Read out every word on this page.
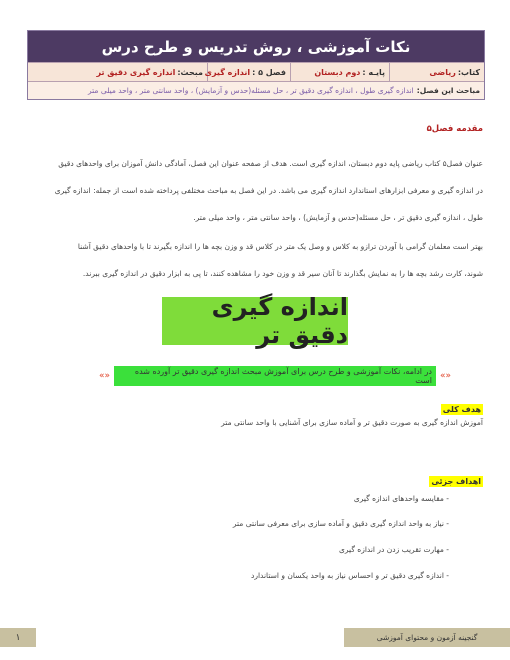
نکات آموزشی ، روش تدریس و طرح درس
کتاب:
ریاضی
پایـه :
دوم دبستان
فصل ۵ :
اندازه گیری
مبحث:
اندازه گیری دقیق تر
مباحث این فصل:
اندازه گیری طول ، اندازه گیری دقیق تر ، حل مسئله(حدس و آزمایش) ، واحد سانتی متر ، واحد میلی متر
مقدمه فصل۵
عنوان فصل۵ کتاب ریاضی پایه دوم دبستان، اندازه گیری است. هدف از صفحه عنوان این فصل، آمادگی دانش آموزان برای واحدهای دقیق
در اندازه گیری و معرفی ابزارهای استاندارد اندازه گیری می باشد. در این فصل به مباحث مختلفی پرداخته شده است از جمله: اندازه گیری
طول ، اندازه گیری دقیق تر ، حل مسئله(حدس و آزمایش) ، واحد سانتی متر ، واحد میلی متر.
بهتر است معلمان گرامی با آوردن ترازو به کلاس و وصل یک متر در کلاس قد و وزن بچه ها را اندازه بگیرند تا با واحدهای دقیق آشنا
شوند، کارت رشد بچه ها را به نمایش بگذارند تا آنان سیر قد و وزن خود را مشاهده کنند، تا پی به ابزار دقیق در اندازه گیری ببرند.
اندازه گیری دقیق تر
«»
در ادامه، نکات آموزشی و طرح درس برای آموزش مبحث اندازه گیری دقیق تر آورده شده است
«»
هدف کلی
آموزش اندازه گیری به صورت دقیق تر و آماده سازی برای آشنایی با واحد سانتی متر
اهداف جزئی
- مقایسه واحدهای اندازه گیری
- نیاز به واحد اندازه گیری دقیق و آماده سازی برای معرفی سانتی متر
- مهارت تقریب زدن در اندازه گیری
- اندازه گیری دقیق تر و احساس نیاز به واحد یکسان و استاندارد
۱	گنجینه آزمون و محتوای آموزشی
